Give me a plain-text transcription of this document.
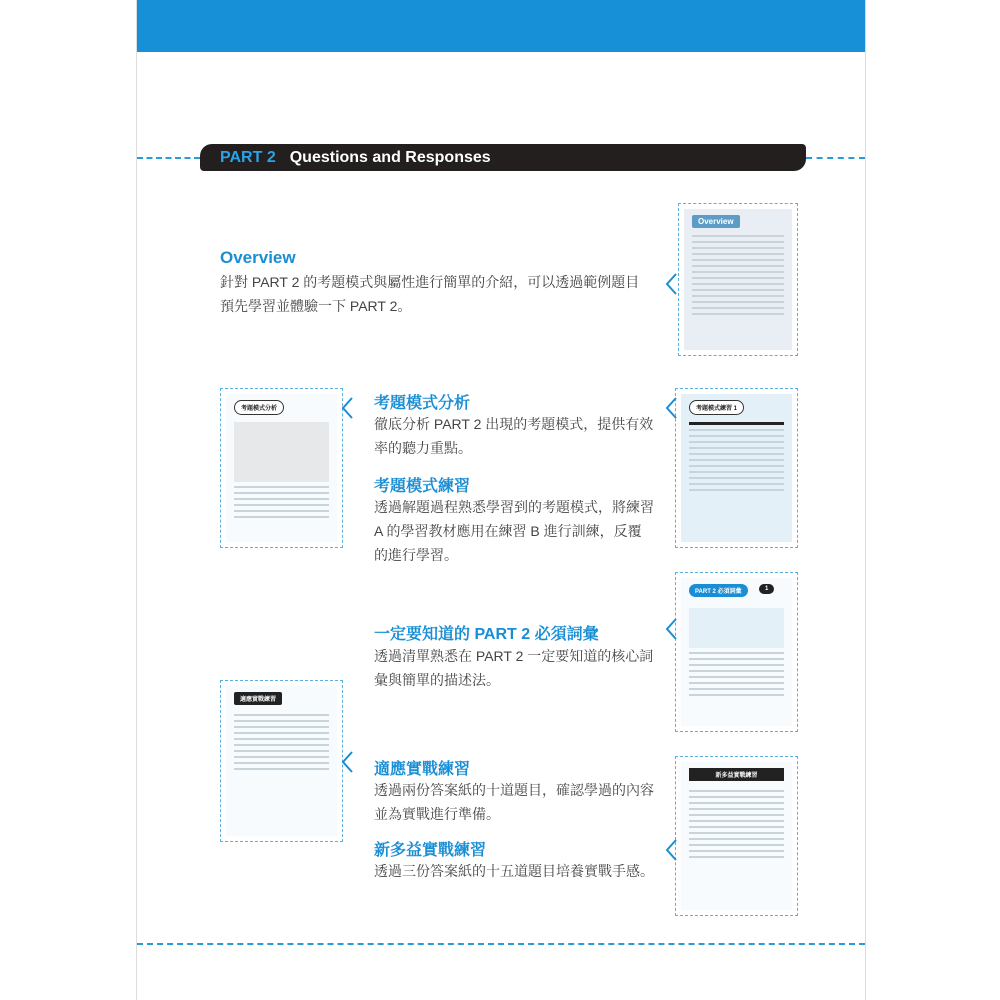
PART 2 Questions and Responses
Overview
針對 PART 2 的考題模式與屬性進行簡單的介紹，可以透過範例題目預先學習並體驗一下 PART 2。
考題模式分析
徹底分析 PART 2 出現的考題模式，提供有效率的聽力重點。
考題模式練習
透過解題過程熟悉學習到的考題模式，將練習 A 的學習教材應用在練習 B 進行訓練，反覆的進行學習。
一定要知道的 PART 2 必須詞彙
透過清單熟悉在 PART 2 一定要知道的核心詞彙與簡單的描述法。
適應實戰練習
透過兩份答案紙的十道題目，確認學過的內容並為實戰進行準備。
新多益實戰練習
透過三份答案紙的十五道題目培養實戰手感。
Overview
考題模式分析	考題模式練習 1
PART 2 必須詞彙	1
適應實戰練習
新多益實戰練習
